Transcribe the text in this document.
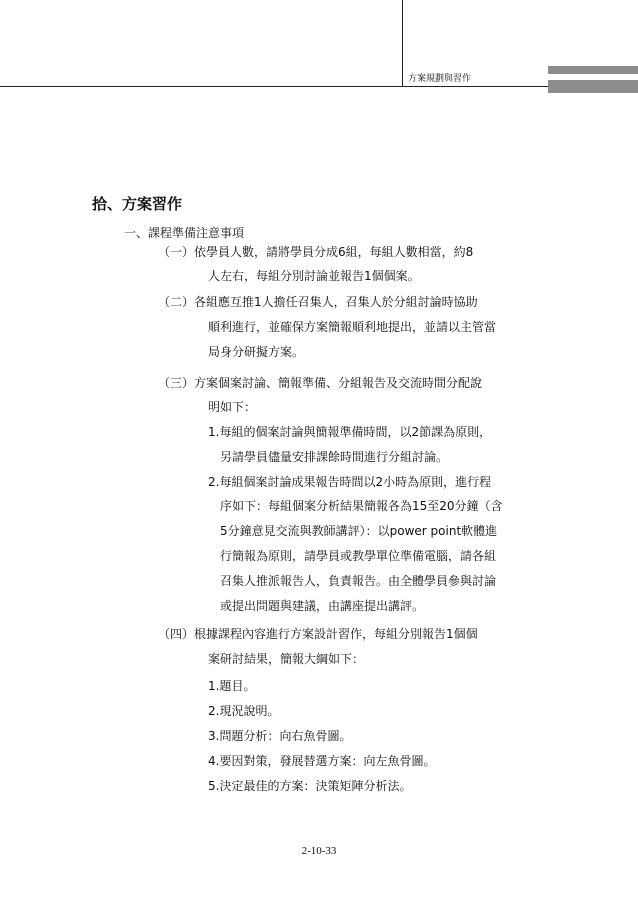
方案規劃與習作
拾、方案習作
一、課程準備注意事項
（一）依學員人數，請將學員分成6組，每組人數相當，約8
人左右，每組分別討論並報告1個個案。
（二）各組應互推1人擔任召集人，召集人於分組討論時協助
順利進行，並確保方案簡報順利地提出，並請以主管當
局身分研擬方案。
（三）方案個案討論、簡報準備、分組報告及交流時間分配說
明如下：
1.每組的個案討論與簡報準備時間，以2節課為原則，
另請學員儘量安排課餘時間進行分組討論。
2.每組個案討論成果報告時間以2小時為原則，進行程
序如下：每組個案分析結果簡報各為15至20分鐘（含
5分鐘意見交流與教師講評）：以power point軟體進
行簡報為原則，請學員或教學單位準備電腦，請各組
召集人推派報告人，負責報告。由全體學員參與討論
或提出問題與建議，由講座提出講評。
（四）根據課程內容進行方案設計習作，每組分別報告1個個
案研討結果，簡報大綱如下：
1.題目。
2.現況說明。
3.問題分析：向右魚骨圖。
4.要因對策，發展替選方案：向左魚骨圖。
5.決定最佳的方案：決策矩陣分析法。
2-10-33
